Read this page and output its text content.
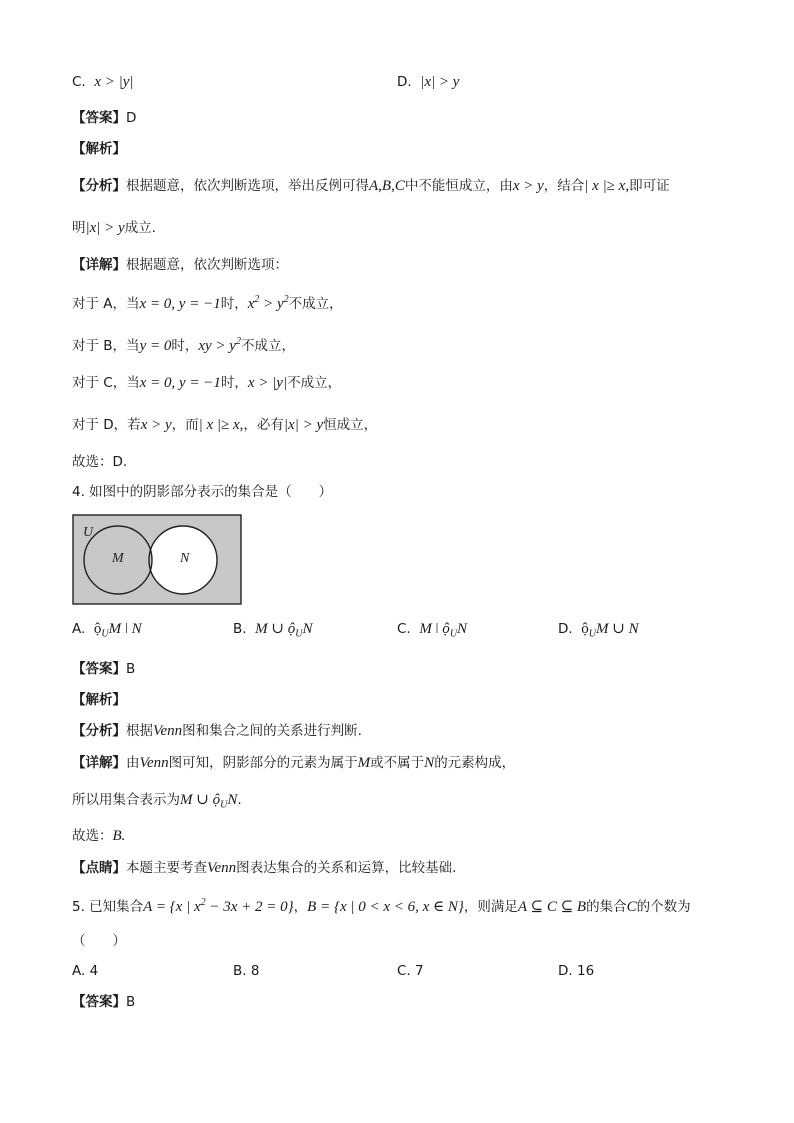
C. x > |y|	D. |x| > y
【答案】D
【解析】
【分析】根据题意，依次判断选项，举出反例可得A,B,C中不能恒成立，由x > y，结合| x |≥ x,即可证
明|x| > y成立.
【详解】根据题意，依次判断选项：
对于 A，当x = 0, y = −1时，$x^2 > y^2$不成立，
对于 B，当y = 0时，xy > $y^2$不成立，
对于 C，当x = 0, y = −1时，x > |y|不成立，
对于 D，若x > y，而| x |≥ x,，必有|x| > y恒成立，
故选：D.
4. 如图中的阴影部分表示的集合是（　　）
U
M	N
A. ộ$_U$M ǀ N	B. M ∪ ộ$_U$N	C. M ǀ ộ$_U$N	D. ộ$_U$M ∪ N
【答案】B
【解析】
【分析】根据Venn图和集合之间的关系进行判断.
【详解】由Venn图可知，阴影部分的元素为属于M或不属于N的元素构成，
所以用集合表示为M ∪ ộ$_U$N.
故选：B.
【点睛】本题主要考查Venn图表达集合的关系和运算，比较基础.
5. 已知集合A = {x | $x^2 - 3x + 2 = 0$}，B = {x | 0 < x < 6, x ∈ N}，则满足A ⊆ C ⊆ B的集合C的个数为
（　　）
A. 4	B. 8	C. 7	D. 16
【答案】B
